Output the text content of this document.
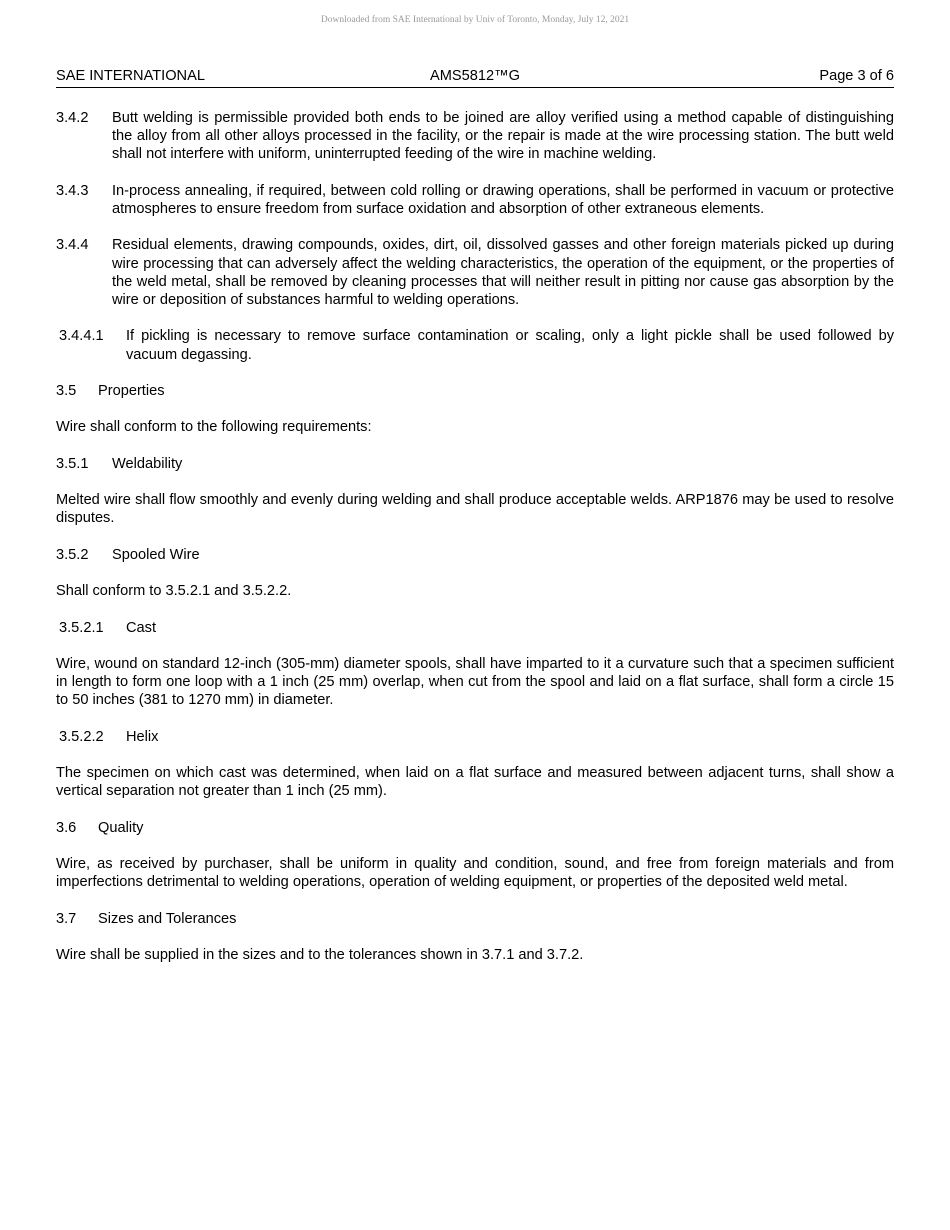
Downloaded from SAE International by Univ of Toronto, Monday, July 12, 2021
SAE INTERNATIONAL	AMS5812™G	Page 3 of 6
3.4.2	Butt welding is permissible provided both ends to be joined are alloy verified using a method capable of distinguishing the alloy from all other alloys processed in the facility, or the repair is made at the wire processing station. The butt weld shall not interfere with uniform, uninterrupted feeding of the wire in machine welding.
3.4.3	In-process annealing, if required, between cold rolling or drawing operations, shall be performed in vacuum or protective atmospheres to ensure freedom from surface oxidation and absorption of other extraneous elements.
3.4.4	Residual elements, drawing compounds, oxides, dirt, oil, dissolved gasses and other foreign materials picked up during wire processing that can adversely affect the welding characteristics, the operation of the equipment, or the properties of the weld metal, shall be removed by cleaning processes that will neither result in pitting nor cause gas absorption by the wire or deposition of substances harmful to welding operations.
3.4.4.1	If pickling is necessary to remove surface contamination or scaling, only a light pickle shall be used followed by vacuum degassing.
3.5	Properties
Wire shall conform to the following requirements:
3.5.1	Weldability
Melted wire shall flow smoothly and evenly during welding and shall produce acceptable welds. ARP1876 may be used to resolve disputes.
3.5.2	Spooled Wire
Shall conform to 3.5.2.1 and 3.5.2.2.
3.5.2.1	Cast
Wire, wound on standard 12-inch (305-mm) diameter spools, shall have imparted to it a curvature such that a specimen sufficient in length to form one loop with a 1 inch (25 mm) overlap, when cut from the spool and laid on a flat surface, shall form a circle 15 to 50 inches (381 to 1270 mm) in diameter.
3.5.2.2	Helix
The specimen on which cast was determined, when laid on a flat surface and measured between adjacent turns, shall show a vertical separation not greater than 1 inch (25 mm).
3.6	Quality
Wire, as received by purchaser, shall be uniform in quality and condition, sound, and free from foreign materials and from imperfections detrimental to welding operations, operation of welding equipment, or properties of the deposited weld metal.
3.7	Sizes and Tolerances
Wire shall be supplied in the sizes and to the tolerances shown in 3.7.1 and 3.7.2.
